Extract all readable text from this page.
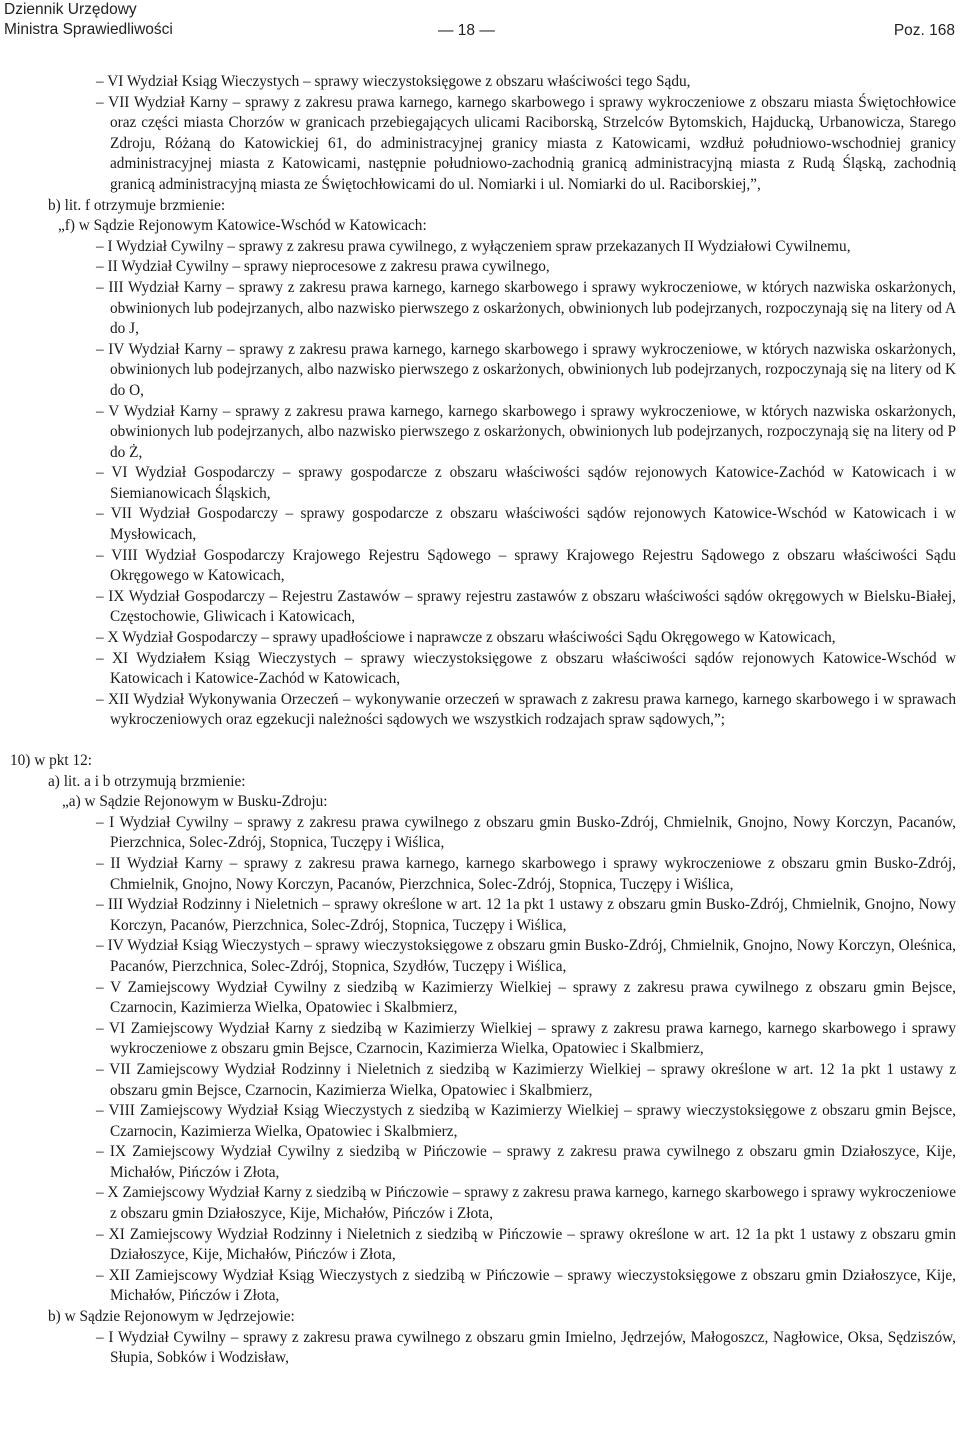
Dziennik Urzędowy
Ministra Sprawiedliwości	— 18 —	Poz. 168

– VI Wydział Ksiąg Wieczystych – sprawy wieczystoksięgowe z obszaru właściwości tego Sądu,

– VII Wydział Karny – sprawy z zakresu prawa karnego, karnego skarbowego i sprawy wykroczeniowe z obszaru miasta Świętochłowice oraz części miasta Chorzów w granicach przebiegających ulicami Raciborską, Strzelców Bytomskich, Hajducką, Urbanowicza, Starego Zdroju, Różaną do Katowickiej 61, do administracyjnej granicy miasta z Katowicami, wzdłuż południowo-wschodniej granicy administracyjnej miasta z Katowicami, następnie południowo-zachodnią granicą administracyjną miasta z Rudą Śląską, zachodnią granicą administracyjną miasta ze Świętochłowicami do ul. Nomiarki i ul. Nomiarki do ul. Raciborskiej,”,

b) lit. f otrzymuje brzmienie:

„f) w Sądzie Rejonowym Katowice-Wschód w Katowicach:

– I Wydział Cywilny – sprawy z zakresu prawa cywilnego, z wyłączeniem spraw przekazanych II Wydziałowi Cywilnemu,

– II Wydział Cywilny – sprawy nieprocesowe z zakresu prawa cywilnego,

– III Wydział Karny – sprawy z zakresu prawa karnego, karnego skarbowego i sprawy wykroczeniowe, w których nazwiska oskarżonych, obwinionych lub podejrzanych, albo nazwisko pierwszego z oskarżonych, obwinionych lub podejrzanych, rozpoczynają się na litery od A do J,

– IV Wydział Karny – sprawy z zakresu prawa karnego, karnego skarbowego i sprawy wykroczeniowe, w których nazwiska oskarżonych, obwinionych lub podejrzanych, albo nazwisko pierwszego z oskarżonych, obwinionych lub podejrzanych, rozpoczynają się na litery od K do O,

– V Wydział Karny – sprawy z zakresu prawa karnego, karnego skarbowego i sprawy wykroczeniowe, w których nazwiska oskarżonych, obwinionych lub podejrzanych, albo nazwisko pierwszego z oskarżonych, obwinionych lub podejrzanych, rozpoczynają się na litery od P do Ż,

– VI Wydział Gospodarczy – sprawy gospodarcze z obszaru właściwości sądów rejonowych Katowice-Zachód w Katowicach i w Siemianowicach Śląskich,

– VII Wydział Gospodarczy – sprawy gospodarcze z obszaru właściwości sądów rejonowych Katowice-Wschód w Katowicach i w Mysłowicach,

– VIII Wydział Gospodarczy Krajowego Rejestru Sądowego – sprawy Krajowego Rejestru Sądowego z obszaru właściwości Sądu Okręgowego w Katowicach,

– IX Wydział Gospodarczy – Rejestru Zastawów – sprawy rejestru zastawów z obszaru właściwości sądów okręgowych w Bielsku-Białej, Częstochowie, Gliwicach i Katowicach,

– X Wydział Gospodarczy – sprawy upadłościowe i naprawcze z obszaru właściwości Sądu Okręgowego w Katowicach,

– XI Wydziałem Ksiąg Wieczystych – sprawy wieczystoksięgowe z obszaru właściwości sądów rejonowych Katowice-Wschód w Katowicach i Katowice-Zachód w Katowicach,

– XII Wydział Wykonywania Orzeczeń – wykonywanie orzeczeń w sprawach z zakresu prawa karnego, karnego skarbowego i w sprawach wykroczeniowych oraz egzekucji należności sądowych we wszystkich rodzajach spraw sądowych,”;

10) w pkt 12:

a) lit. a i b otrzymują brzmienie:

„a) w Sądzie Rejonowym w Busku-Zdroju:

– I Wydział Cywilny – sprawy z zakresu prawa cywilnego z obszaru gmin Busko-Zdrój, Chmielnik, Gnojno, Nowy Korczyn, Pacanów, Pierzchnica, Solec-Zdrój, Stopnica, Tuczępy i Wiślica,

– II Wydział Karny – sprawy z zakresu prawa karnego, karnego skarbowego i sprawy wykroczeniowe z obszaru gmin Busko-Zdrój, Chmielnik, Gnojno, Nowy Korczyn, Pacanów, Pierzchnica, Solec-Zdrój, Stopnica, Tuczępy i Wiślica,

– III Wydział Rodzinny i Nieletnich – sprawy określone w art. 12 1a pkt 1 ustawy z obszaru gmin Busko-Zdrój, Chmielnik, Gnojno, Nowy Korczyn, Pacanów, Pierzchnica, Solec-Zdrój, Stopnica, Tuczępy i Wiślica,

– IV Wydział Ksiąg Wieczystych – sprawy wieczystoksięgowe z obszaru gmin Busko-Zdrój, Chmielnik, Gnojno, Nowy Korczyn, Oleśnica, Pacanów, Pierzchnica, Solec-Zdrój, Stopnica, Szydłów, Tuczępy i Wiślica,

– V Zamiejscowy Wydział Cywilny z siedzibą w Kazimierzy Wielkiej – sprawy z zakresu prawa cywilnego z obszaru gmin Bejsce, Czarnocin, Kazimierza Wielka, Opatowiec i Skalbmierz,

– VI Zamiejscowy Wydział Karny z siedzibą w Kazimierzy Wielkiej – sprawy z zakresu prawa karnego, karnego skarbowego i sprawy wykroczeniowe z obszaru gmin Bejsce, Czarnocin, Kazimierza Wielka, Opatowiec i Skalbmierz,

– VII Zamiejscowy Wydział Rodzinny i Nieletnich z siedzibą w Kazimierzy Wielkiej – sprawy określone w art. 12 1a pkt 1 ustawy z obszaru gmin Bejsce, Czarnocin, Kazimierza Wielka, Opatowiec i Skalbmierz,

– VIII Zamiejscowy Wydział Ksiąg Wieczystych z siedzibą w Kazimierzy Wielkiej – sprawy wieczystoksięgowe z obszaru gmin Bejsce, Czarnocin, Kazimierza Wielka, Opatowiec i Skalbmierz,

– IX Zamiejscowy Wydział Cywilny z siedzibą w Pińczowie – sprawy z zakresu prawa cywilnego z obszaru gmin Działoszyce, Kije, Michałów, Pińczów i Złota,

– X Zamiejscowy Wydział Karny z siedzibą w Pińczowie – sprawy z zakresu prawa karnego, karnego skarbowego i sprawy wykroczeniowe z obszaru gmin Działoszyce, Kije, Michałów, Pińczów i Złota,

– XI Zamiejscowy Wydział Rodzinny i Nieletnich z siedzibą w Pińczowie – sprawy określone w art. 12 1a pkt 1 ustawy z obszaru gmin Działoszyce, Kije, Michałów, Pińczów i Złota,

– XII Zamiejscowy Wydział Ksiąg Wieczystych z siedzibą w Pińczowie – sprawy wieczystoksięgowe z obszaru gmin Działoszyce, Kije, Michałów, Pińczów i Złota,

b) w Sądzie Rejonowym w Jędrzejowie:

– I Wydział Cywilny – sprawy z zakresu prawa cywilnego z obszaru gmin Imielno, Jędrzejów, Małogoszcz, Nagłowice, Oksa, Sędziszów, Słupia, Sobków i Wodzisław,
